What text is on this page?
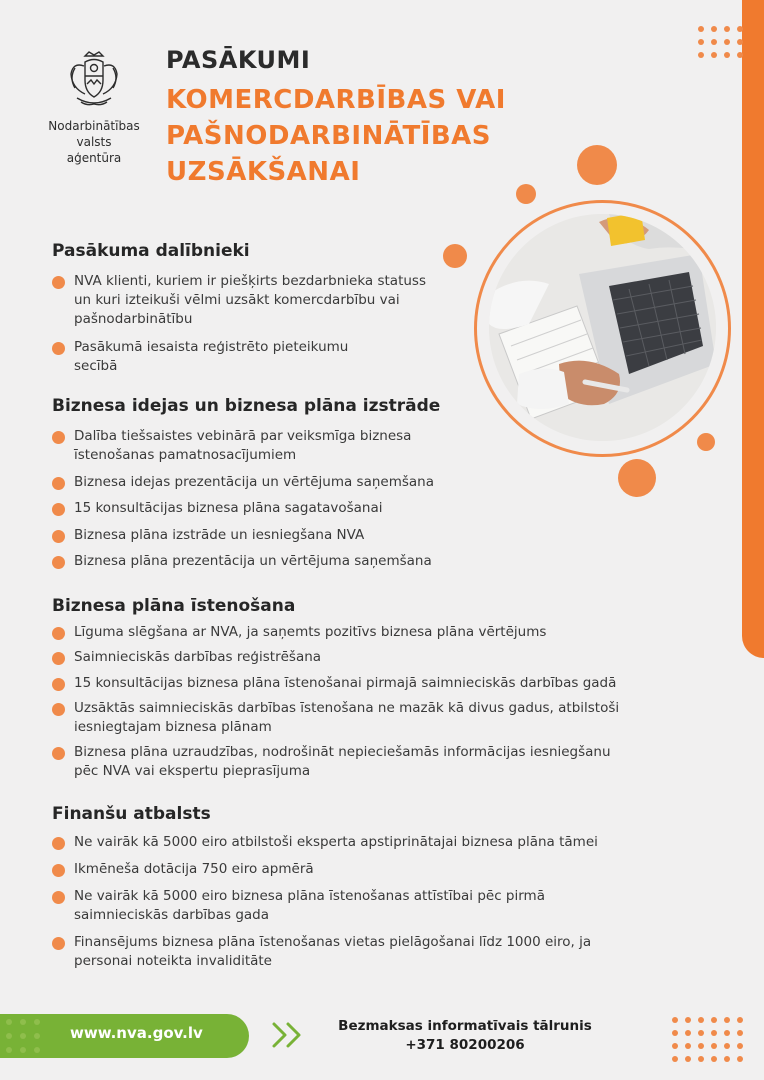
Nodarbinātības
valsts aģentūra
PASĀKUMI
KOMERCDARBĪBAS VAI
PAŠNODARBINĀTĪBAS
UZSĀKŠANAI
Pasākuma dalībnieki
NVA klienti, kuriem ir piešķirts bezdarbnieka statuss
un kuri izteikuši vēlmi uzsākt komercdarbību vai
pašnodarbinātību
Pasākumā iesaista reģistrēto pieteikumu
secībā
Biznesa idejas un biznesa plāna izstrāde
Dalība tiešsaistes vebinārā par veiksmīga biznesa
īstenošanas pamatnosacījumiem
Biznesa idejas prezentācija un vērtējuma saņemšana
15 konsultācijas biznesa plāna sagatavošanai
Biznesa plāna izstrāde un iesniegšana NVA
Biznesa plāna prezentācija un vērtējuma saņemšana
Biznesa plāna īstenošana
Līguma slēgšana ar NVA, ja saņemts pozitīvs biznesa plāna vērtējums
Saimnieciskās darbības reģistrēšana
15 konsultācijas biznesa plāna īstenošanai pirmajā saimnieciskās darbības gadā
Uzsāktās saimnieciskās darbības īstenošana ne mazāk kā divus gadus, atbilstoši
iesniegtajam biznesa plānam
Biznesa plāna uzraudzības, nodrošināt nepieciešamās informācijas iesniegšanu
pēc NVA vai ekspertu pieprasījuma
Finanšu atbalsts
Ne vairāk kā 5000 eiro atbilstoši eksperta apstiprinātajai biznesa plāna tāmei
Ikmēneša dotācija 750 eiro apmērā
Ne vairāk kā 5000 eiro biznesa plāna īstenošanas attīstībai pēc pirmā
saimnieciskās darbības gada
Finansējums biznesa plāna īstenošanas vietas pielāgošanai līdz 1000 eiro, ja
personai noteikta invaliditāte
www.nva.gov.lv	Bezmaksas informatīvais tālrunis
+371 80200206
